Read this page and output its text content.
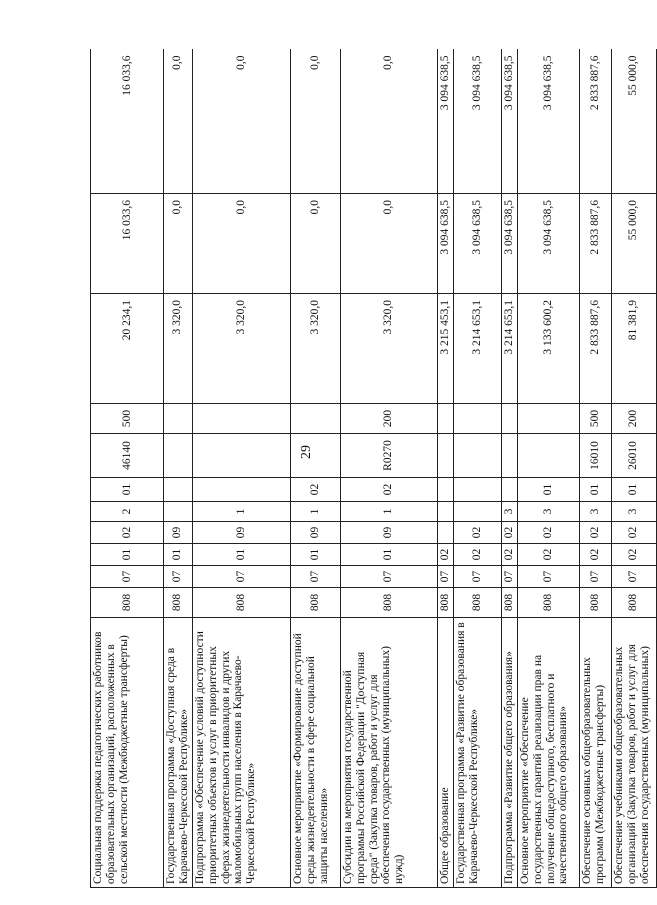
29
Социальная поддержка педагогических работников образовательных организаций, расположенных в сельской местности (Межбюджетные трансферты)	808	07	01	02	2	01	46140	500	20 234,1	16 033,6	16 033,6
Государственная программа «Доступная среда в Карачаево-Черкесской Республике»	808	07	01	09					3 320,0	0,0	0,0
Подпрограмма «Обеспечение условий доступности приоритетных объектов и услуг в приоритетных сферах жизнедеятельности инвалидов и других маломобильных групп населения в Карачаево-Черкесской Республике»	808	07	01	09	1				3 320,0	0,0	0,0
Основное мероприятие «Формирование доступной среды жизнедеятельности в сфере социальной защиты населения»	808	07	01	09	1	02			3 320,0	0,0	0,0
Субсидии на мероприятия государственной программы Российской Федерации "Доступная среда" (Закупка товаров, работ и услуг для обеспечения государственных (муниципальных) нужд)	808	07	01	09	1	02	R0270	200	3 320,0	0,0	0,0
Общее образование	808	07	02						3 215 453,1	3 094 638,5	3 094 638,5
Государственная программа «Развитие образования в Карачаево-Черкесской Республике»	808	07	02	02					3 214 653,1	3 094 638,5	3 094 638,5
Подпрограмма «Развитие общего образования»	808	07	02	02	3				3 214 653,1	3 094 638,5	3 094 638,5
Основное мероприятие «Обеспечение государственных гарантий реализации прав на получение общедоступного, бесплатного и качественного общего образования»	808	07	02	02	3	01			3 133 600,2	3 094 638,5	3 094 638,5
Обеспечение основных общеобразовательных программ (Межбюджетные трансферты)	808	07	02	02	3	01	16010	500	2 833 887,6	2 833 887,6	2 833 887,6
Обеспечение учебниками общеобразовательных организаций (Закупка товаров, работ и услуг для обеспечения государственных (муниципальных)	808	07	02	02	3	01	26010	200	81 381,9	55 000,0	55 000,0
